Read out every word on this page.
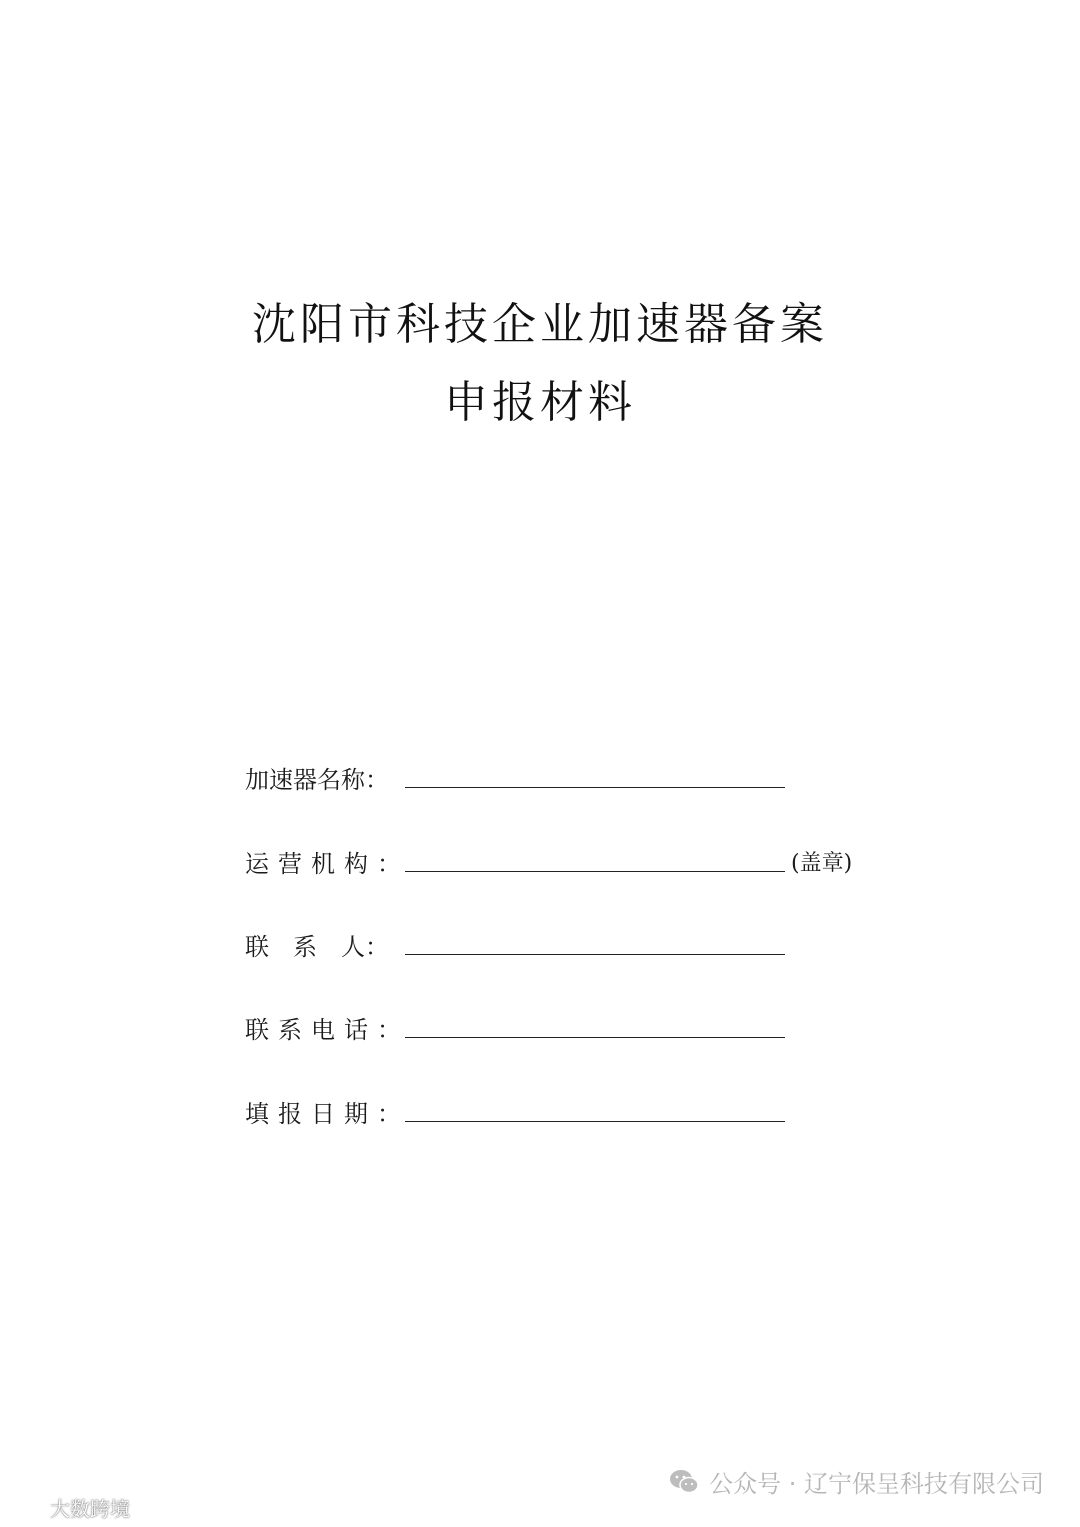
沈阳市科技企业加速器备案
申报材料
加速器名称：
运营机构：	(盖章)
联　系　人：
联系电话：
填报日期：
公众号 · 辽宁保呈科技有限公司
大数跨境
